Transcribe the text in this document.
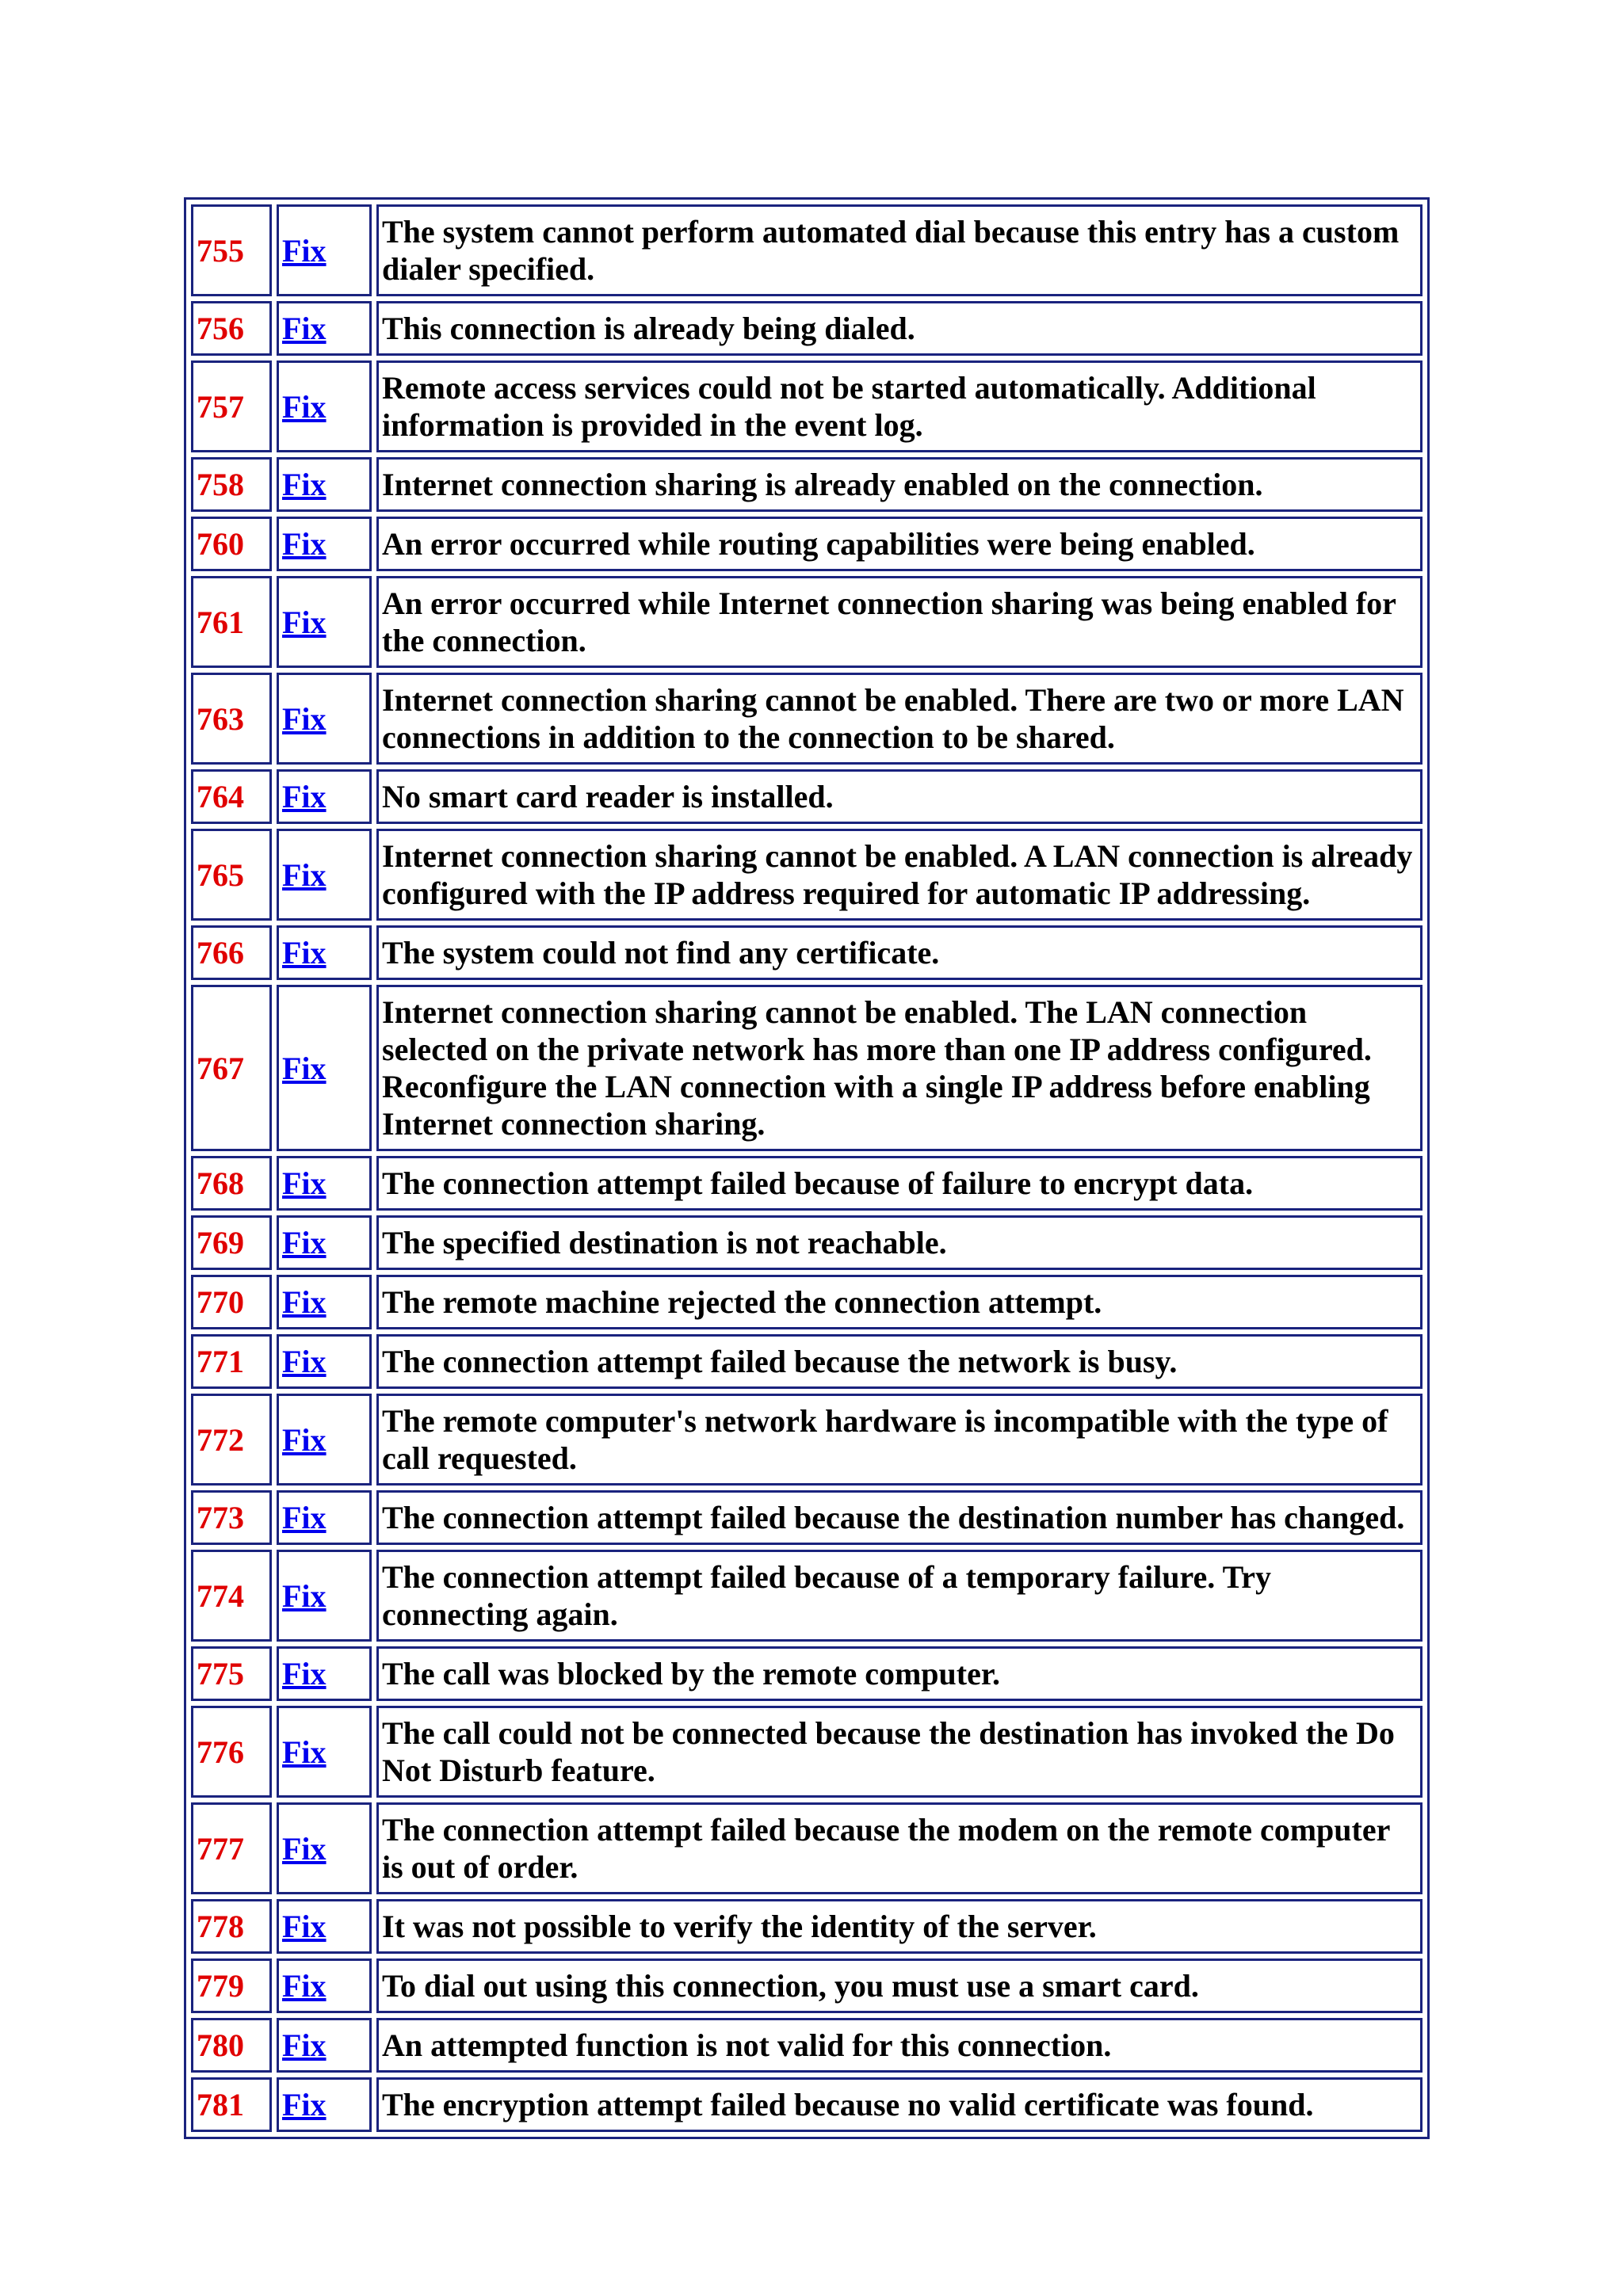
755	Fix	The system cannot perform automated dial because this entry has a custom dialer specified.
756	Fix	This connection is already being dialed.
757	Fix	Remote access services could not be started automatically. Additional information is provided in the event log.
758	Fix	Internet connection sharing is already enabled on the connection.
760	Fix	An error occurred while routing capabilities were being enabled.
761	Fix	An error occurred while Internet connection sharing was being enabled for the connection.
763	Fix	Internet connection sharing cannot be enabled. There are two or more LAN connections in addition to the connection to be shared.
764	Fix	No smart card reader is installed.
765	Fix	Internet connection sharing cannot be enabled. A LAN connection is already configured with the IP address required for automatic IP addressing.
766	Fix	The system could not find any certificate.
767	Fix	Internet connection sharing cannot be enabled. The LAN connection selected on the private network has more than one IP address configured. Reconfigure the LAN connection with a single IP address before enabling Internet connection sharing.
768	Fix	The connection attempt failed because of failure to encrypt data.
769	Fix	The specified destination is not reachable.
770	Fix	The remote machine rejected the connection attempt.
771	Fix	The connection attempt failed because the network is busy.
772	Fix	The remote computer's network hardware is incompatible with the type of call requested.
773	Fix	The connection attempt failed because the destination number has changed.
774	Fix	The connection attempt failed because of a temporary failure. Try connecting again.
775	Fix	The call was blocked by the remote computer.
776	Fix	The call could not be connected because the destination has invoked the Do Not Disturb feature.
777	Fix	The connection attempt failed because the modem on the remote computer is out of order.
778	Fix	It was not possible to verify the identity of the server.
779	Fix	To dial out using this connection, you must use a smart card.
780	Fix	An attempted function is not valid for this connection.
781	Fix	The encryption attempt failed because no valid certificate was found.
